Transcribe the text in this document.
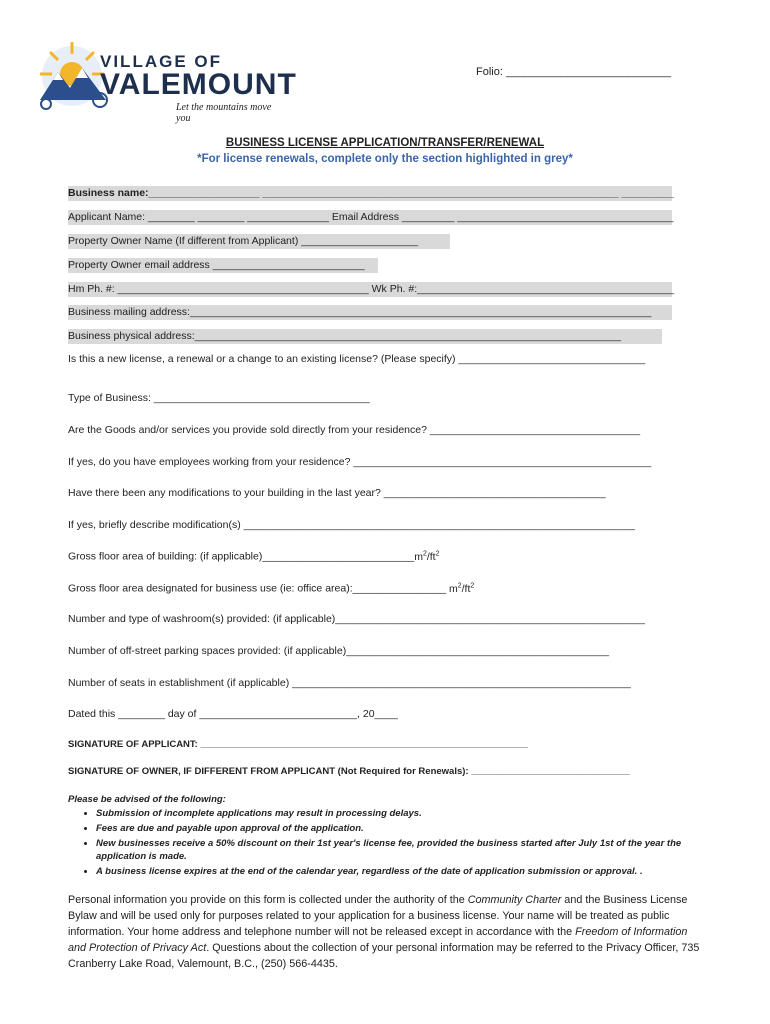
VILLAGE OF
VALEMOUNT
Let the mountains move you
Folio: ___________________________
BUSINESS LICENSE APPLICATION/TRANSFER/RENEWAL
*For license renewals, complete only the section highlighted in grey*
Business name:___________________ _____________________________________________________________ _________
Applicant Name: ________ ________ ______________ Email Address _________ _____________________________________
Property Owner Name (If different from Applicant) ____________________
Property Owner email address __________________________
Hm Ph. #: ___________________________________________ Wk Ph. #:____________________________________________
Business mailing address:_______________________________________________________________________________
Business physical address:_________________________________________________________________________
Is this a new license, a renewal or a change to an existing license? (Please specify) ________________________________
Type of Business: _____________________________________
Are the Goods and/or services you provide sold directly from your residence? ____________________________________
If yes, do you have employees working from your residence? ___________________________________________________
Have there been any modifications to your building in the last year? ______________________________________
If yes, briefly describe modification(s) ___________________________________________________________________
Gross floor area of building: (if $applicable)\_\_\_\_\_\_\_\_\_\_\_\_\_\_\_\_\_\_\_\_\_\_\_\_\_\_m^2/ft^2$
Gross floor area designated for business use (ie: office area):________________ $m^2/ft^2$
Number and type of washroom(s) provided: (if applicable)_____________________________________________________
Number of off-street parking spaces provided: (if applicable)_____________________________________________
Number of seats in establishment (if applicable) __________________________________________________________
Dated this ________ day of ___________________________, 20____
SIGNATURE OF APPLICANT: ______________________________________________________________
SIGNATURE OF OWNER, IF DIFFERENT FROM APPLICANT (Not Required for Renewals): ______________________________
Please be advised of the following:
• Submission of incomplete applications may result in processing delays.
• Fees are due and payable upon approval of the application.
• New businesses receive a 50% discount on their 1st year's license fee, provided the business started after July 1st of the year the application is made.
• A business license expires at the end of the calendar year, regardless of the date of application submission or approval. .
Personal information you provide on this form is collected under the authority of the Community Charter and the Business License Bylaw and will be used only for purposes related to your application for a business license. Your name will be treated as public information. Your home address and telephone number will not be released except in accordance with the Freedom of Information and Protection of Privacy Act. Questions about the collection of your personal information may be referred to the Privacy Officer, 735 Cranberry Lake Road, Valemount, B.C., (250) 566-4435.
